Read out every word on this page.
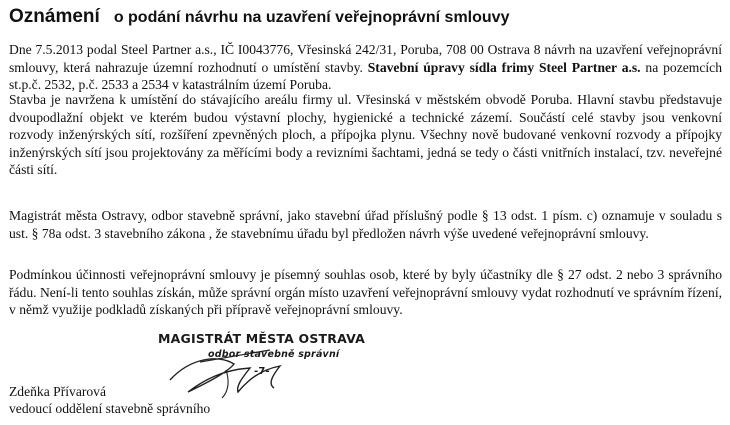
Oznámení o podání návrhu na uzavření veřejnoprávní smlouvy

Dne 7.5.2013 podal Steel Partner a.s., IČ I0043776, Vřesinská 242/31, Poruba, 708 00 Ostrava 8 návrh na uzavření veřejnoprávní smlouvy, která nahrazuje územní rozhodnutí o umístění stavby. Stavební úpravy sídla frimy Steel Partner a.s. na pozemcích st.p.č. 2532, p.č. 2533 a 2534 v katastrálním území Poruba.

Stavba je navržena k umístění do stávajícího areálu firmy ul. Vřesinská v městském obvodě Poruba. Hlavní stavbu představuje dvoupodlažní objekt ve kterém budou výstavní plochy, hygienické a technické zázemí. Součástí celé stavby jsou venkovní rozvody inženýrských sítí, rozšíření zpevněných ploch, a přípojka plynu. Všechny nově budované venkovní rozvody a přípojky inženýrských sítí jsou projektovány za měřícími body a revizními šachtami, jedná se tedy o části vnitřních instalací, tzv. neveřejné části sítí.

Magistrát města Ostravy, odbor stavebně správní, jako stavební úřad příslušný podle § 13 odst. 1 písm. c) oznamuje v souladu s ust. § 78a odst. 3 stavebního zákona , že stavebnímu úřadu byl předložen návrh výše uvedené veřejnoprávní smlouvy.

Podmínkou účinnosti veřejnoprávní smlouvy je písemný souhlas osob, které by byly účastníky dle § 27 odst. 2 nebo 3 správního řádu. Není-li tento souhlas získán, může správní orgán místo uzavření veřejnoprávní smlouvy vydat rozhodnutí ve správním řízení, v němž využije podkladů získaných při přípravě veřejnoprávní smlouvy.

MAGISTRÁT MĚSTA OSTRAVA
odbor stavebně správní
-7-

Zdeňka Přívarová

vedoucí oddělení stavebně správního
